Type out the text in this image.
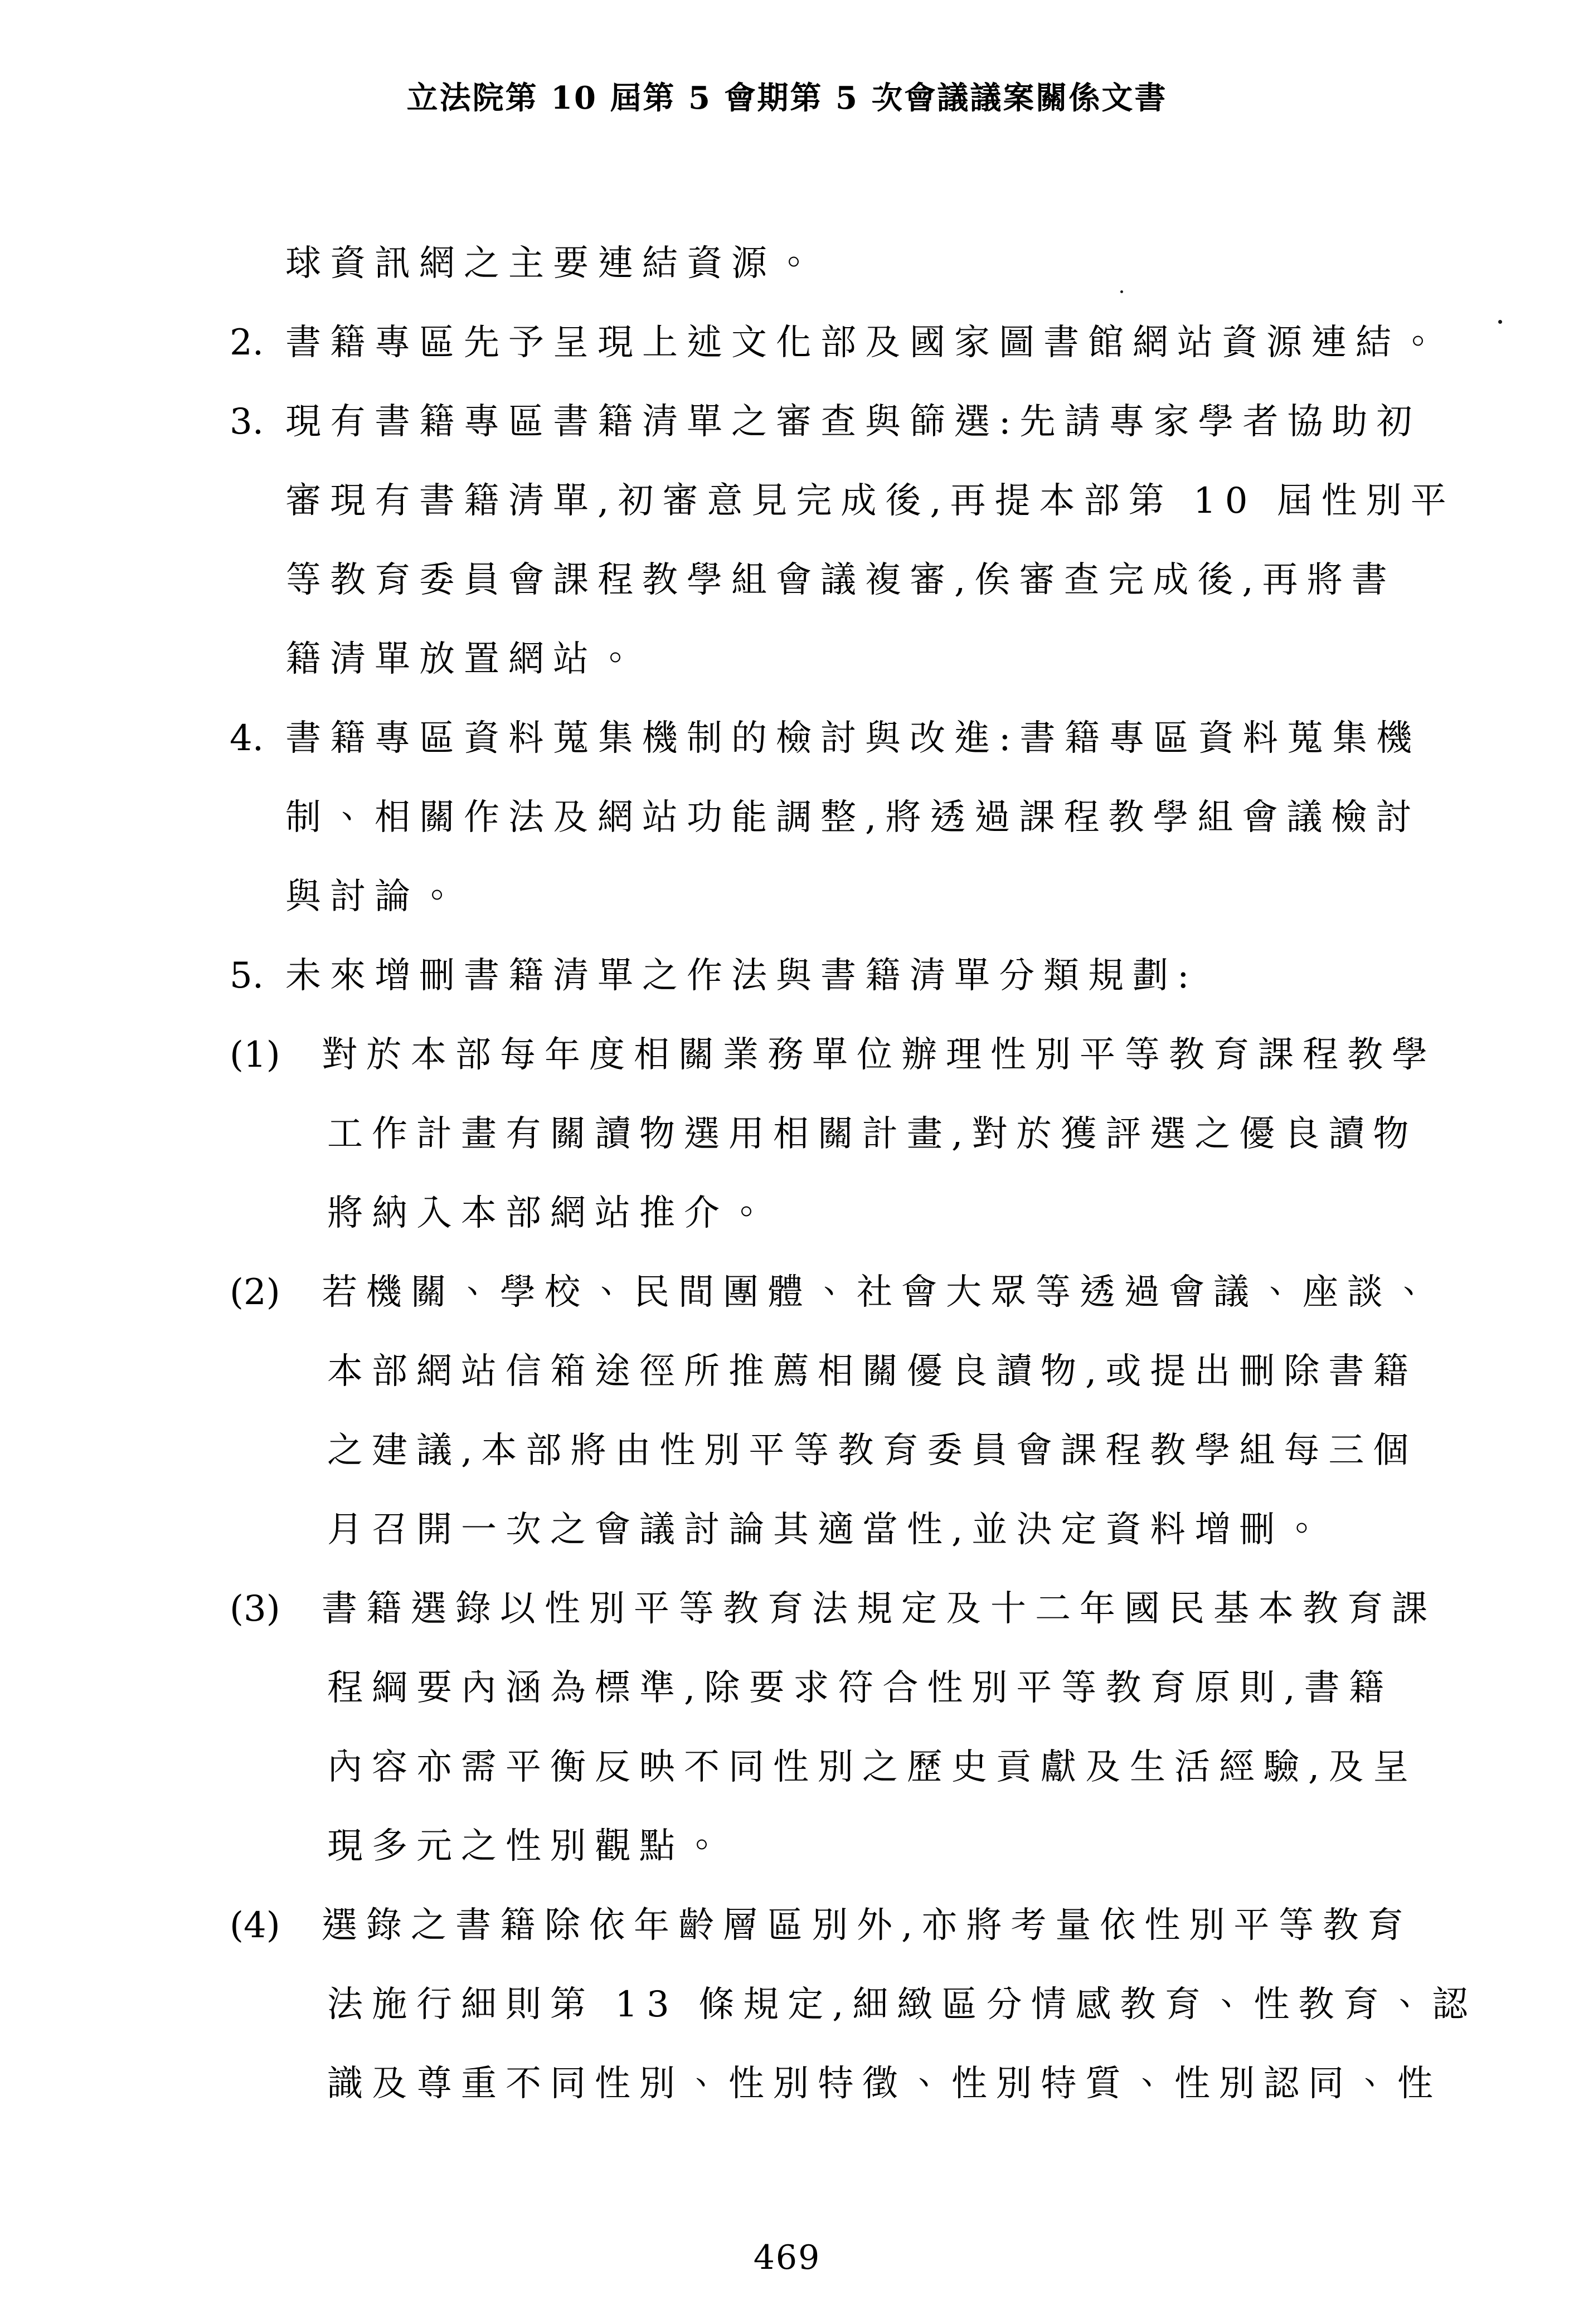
立法院第 10 屆第 5 會期第 5 次會議議案關係文書
球資訊網之主要連結資源。
2. 書籍專區先予呈現上述文化部及國家圖書館網站資源連結。
3. 現有書籍專區書籍清單之審查與篩選:先請專家學者協助初
審現有書籍清單,初審意見完成後,再提本部第 10 屆性別平
等教育委員會課程教學組會議複審,俟審查完成後,再將書
籍清單放置網站。
4. 書籍專區資料蒐集機制的檢討與改進:書籍專區資料蒐集機
制、相關作法及網站功能調整,將透過課程教學組會議檢討
與討論。
5. 未來增刪書籍清單之作法與書籍清單分類規劃:
(1) 對於本部每年度相關業務單位辦理性別平等教育課程教學
工作計畫有關讀物選用相關計畫,對於獲評選之優良讀物
將納入本部網站推介。
(2) 若機關、學校、民間團體、社會大眾等透過會議、座談、
本部網站信箱途徑所推薦相關優良讀物,或提出刪除書籍
之建議,本部將由性別平等教育委員會課程教學組每三個
月召開一次之會議討論其適當性,並決定資料增刪。
(3) 書籍選錄以性別平等教育法規定及十二年國民基本教育課
程綱要內涵為標準,除要求符合性別平等教育原則,書籍
內容亦需平衡反映不同性別之歷史貢獻及生活經驗,及呈
現多元之性別觀點。
(4) 選錄之書籍除依年齡層區別外,亦將考量依性別平等教育
法施行細則第 13 條規定,細緻區分情感教育、性教育、認
識及尊重不同性別、性別特徵、性別特質、性別認同、性
469
